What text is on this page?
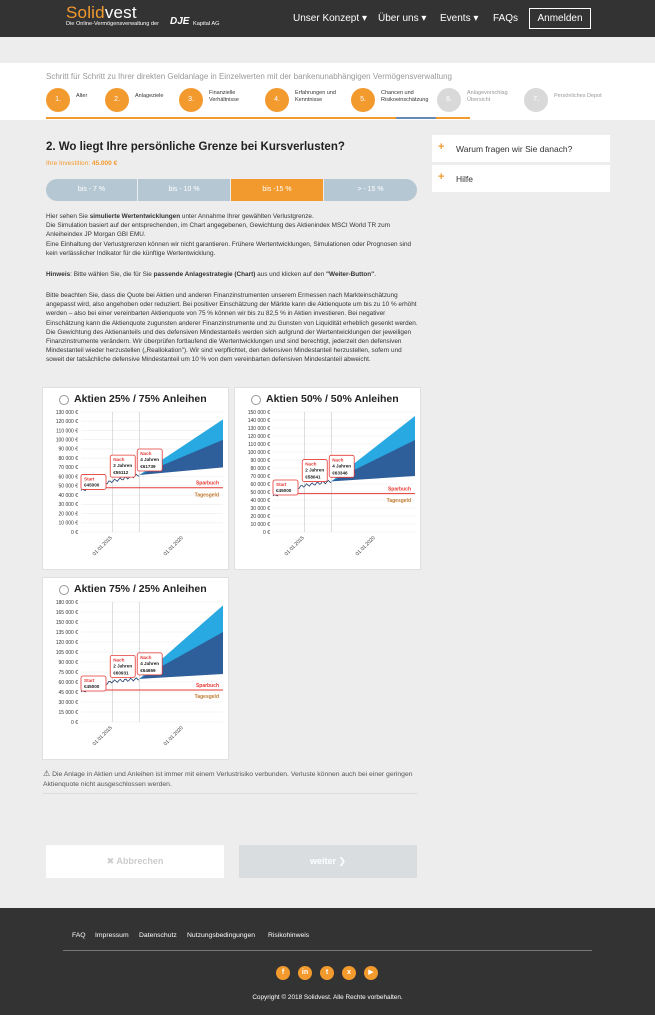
Solidvest
Die Online-Vermögensverwaltung der DJE Kapital AG	Unser Konzept ▾ Über uns ▾ Events ▾ FAQs	Anmelden
Schritt für Schritt zu Ihrer direkten Geldanlage in Einzelwerten mit der bankenunabhängigen Vermögensverwaltung
1.	Alter	2.	Anlageziele	3.
Finanzielle
Verhältnisse	4.
Erfahrungen und
Kenntnisse	5.
Chancen und
Risikoeinschätzung	6.
Anlagevorschlag
Übersicht	7.	Persönliches Depot
2. Wo liegt Ihre persönliche Grenze bei Kursverlusten?
Ihre Investition: 45.000 €
bis - 7 %	bis - 10 %	bis -15 %	> - 15 %
Hier sehen Sie simulierte Wertentwicklungen unter Annahme Ihrer gewählten Verlustgrenze.
Die Simulation basiert auf der entsprechenden, im Chart angegebenen, Gewichtung des Aktienindex MSCI World TR zum Anleiheindex JP Morgan GBI EMU.
Eine Einhaltung der Verlustgrenzen können wir nicht garantieren. Frühere Wertentwicklungen, Simulationen oder Prognosen sind kein verlässlicher Indikator für die künftige Wertentwicklung.
Hinweis: Bitte wählen Sie, die für Sie passende Anlagestrategie (Chart) aus und klicken auf den "Weiter-Button".
Bitte beachten Sie, dass die Quote bei Aktien und anderen Finanzinstrumenten unserem Ermessen nach Markteinschätzung angepasst wird, also angehoben oder reduziert. Bei positiver Einschätzung der Märkte kann die Aktienquote um bis zu 10 % erhöht werden – also bei einer vereinbarten Aktienquote von 75 % können wir bis zu 82,5 % in Aktien investieren. Bei negativer Einschätzung kann die Aktienquote zugunsten anderer Finanzinstrumente und zu Gunsten von Liquidität erheblich gesenkt werden. Die Gewichtung des Aktienanteils und des defensiven Mindestanteils werden sich aufgrund der Wertentwicklungen der jeweiligen Finanzinstrumente verändern. Wir überprüfen fortlaufend die Wertentwicklungen und sind berechtigt, jederzeit den defensiven Mindestanteil wieder herzustellen („Reallokation"). Wir sind verpflichtet, den defensiven Mindestanteil herzustellen, sofern und soweit der tatsächliche defensive Mindestanteil um 10 % von dem vereinbarten defensiven Mindestanteil abweicht.
+ Warum fragen wir Sie danach?
+ Hilfe
Aktien 25% / 75% Anleihen
0 €
10 000 €
20 000 €
30 000 €
40 000 €
50 000 €
60 000 €
70 000 €
80 000 €
90 000 €
100 000 €
110 000 €
120 000 €
130 000 €
Sparbuch
Tagesgeld
Start
€45000
Nach
2 Jahren
€55112
Nach
4 Jahren
€61739
01.01.2015	01.01.2020
Aktien 50% / 50% Anleihen
0 €
10 000 €
20 000 €
30 000 €
40 000 €
50 000 €
60 000 €
70 000 €
80 000 €
90 000 €
100 000 €
110 000 €
120 000 €
130 000 €
140 000 €
150 000 €
Sparbuch
Tagesgeld
Start
€45000
Nach
2 Jahren
€58041
Nach
4 Jahren
€63346
01.01.2015	01.01.2020
Aktien 75% / 25% Anleihen
0 €
15 000 €
30 000 €
45 000 €
60 000 €
75 000 €
90 000 €
105 000 €
120 000 €
135 000 €
150 000 €
165 000 €
180 000 €
Sparbuch
Tagesgeld
Start
€45000
Nach
2 Jahren
€60931
Nach
4 Jahren
€64659
01.01.2015	01.01.2020
⚠ Die Anlage in Aktien und Anleihen ist immer mit einem Verlustrisiko verbunden. Verluste können auch bei einer geringen Aktienquote nicht ausgeschlossen werden.
✖ Abbrechen	weiter ❯
FAQ Impressum Datenschutz Nutzungsbedingungen Risikohinweis
f	in	t	x	▶
Copyright © 2018 Solidvest. Alle Rechte vorbehalten.
